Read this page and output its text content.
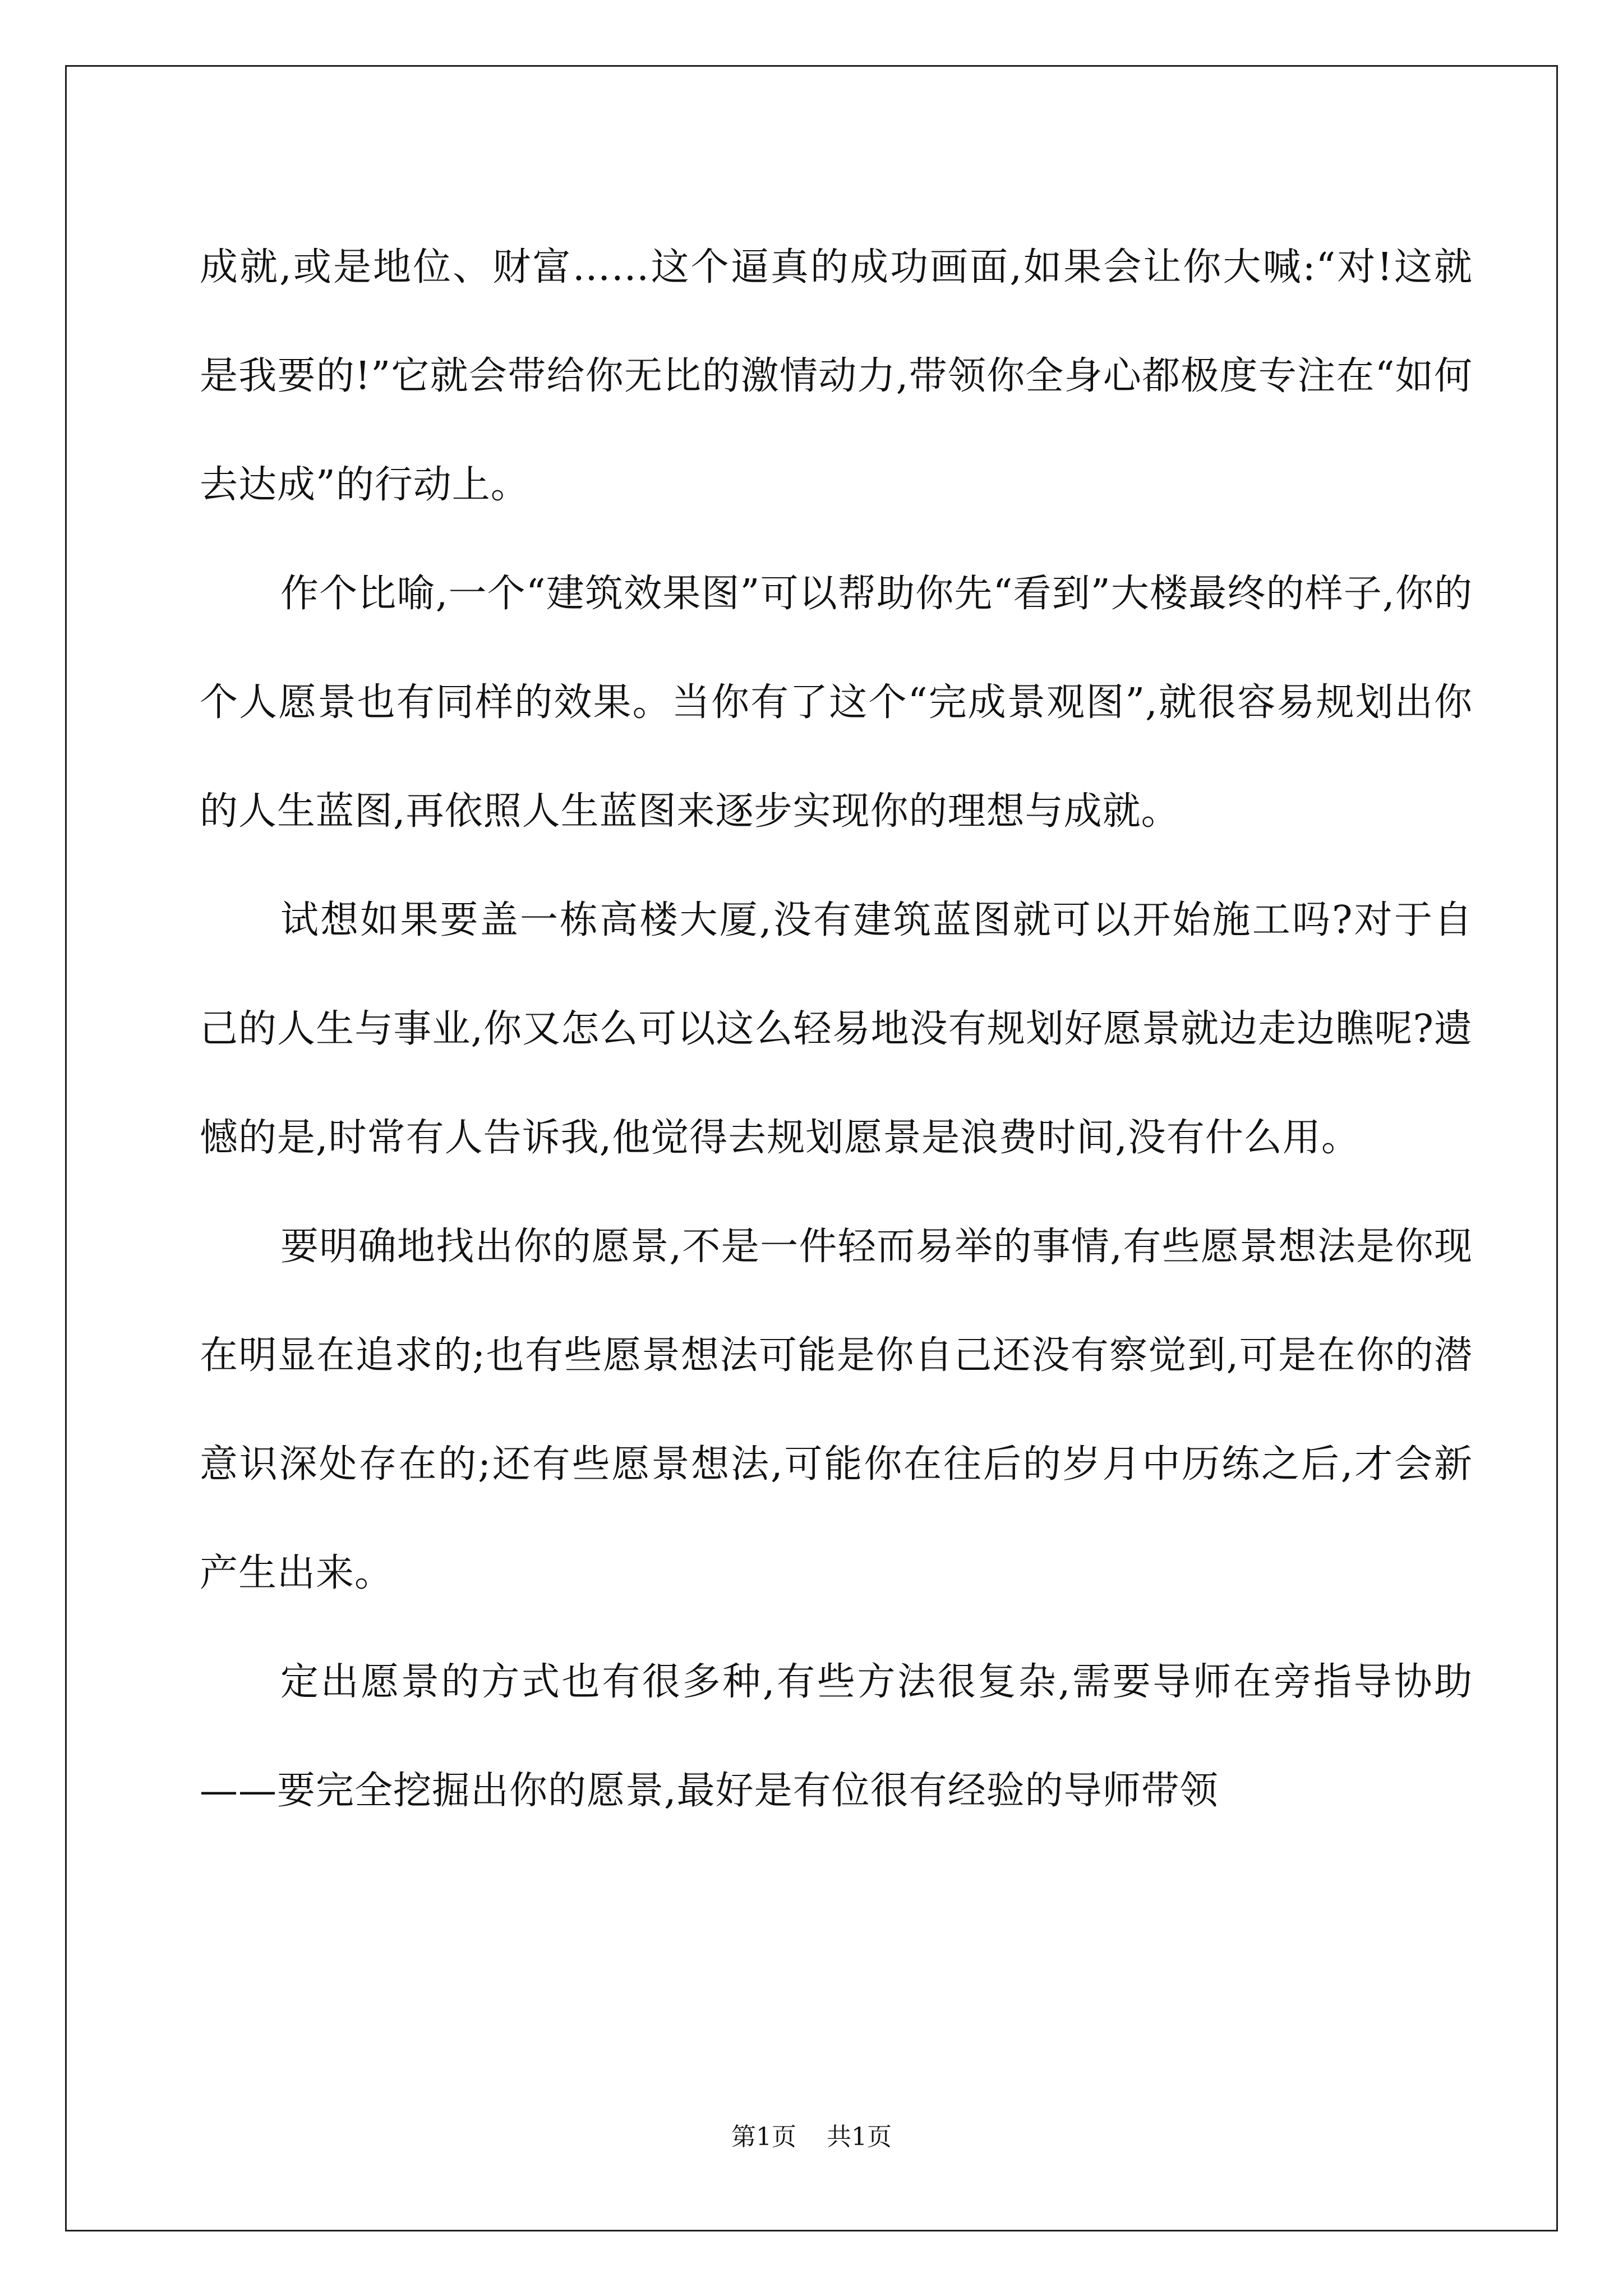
成就,或是地位、财富……这个逼真的成功画面,如果会让你大喊:“对!这就是我要的!”它就会带给你无比的激情动力,带领你全身心都极度专注在“如何去达成”的行动上。

作个比喻,一个“建筑效果图”可以帮助你先“看到”大楼最终的样子,你的个人愿景也有同样的效果。当你有了这个“完成景观图”,就很容易规划出你的人生蓝图,再依照人生蓝图来逐步实现你的理想与成就。

试想如果要盖一栋高楼大厦,没有建筑蓝图就可以开始施工吗?对于自己的人生与事业,你又怎么可以这么轻易地没有规划好愿景就边走边瞧呢?遗憾的是,时常有人告诉我,他觉得去规划愿景是浪费时间,没有什么用。

要明确地找出你的愿景,不是一件轻而易举的事情,有些愿景想法是你现在明显在追求的;也有些愿景想法可能是你自己还没有察觉到,可是在你的潜意识深处存在的;还有些愿景想法,可能你在往后的岁月中历练之后,才会新产生出来。

定出愿景的方式也有很多种,有些方法很复杂,需要导师在旁指导协助——要完全挖掘出你的愿景,最好是有位很有经验的导师带领

第1页 共1页
